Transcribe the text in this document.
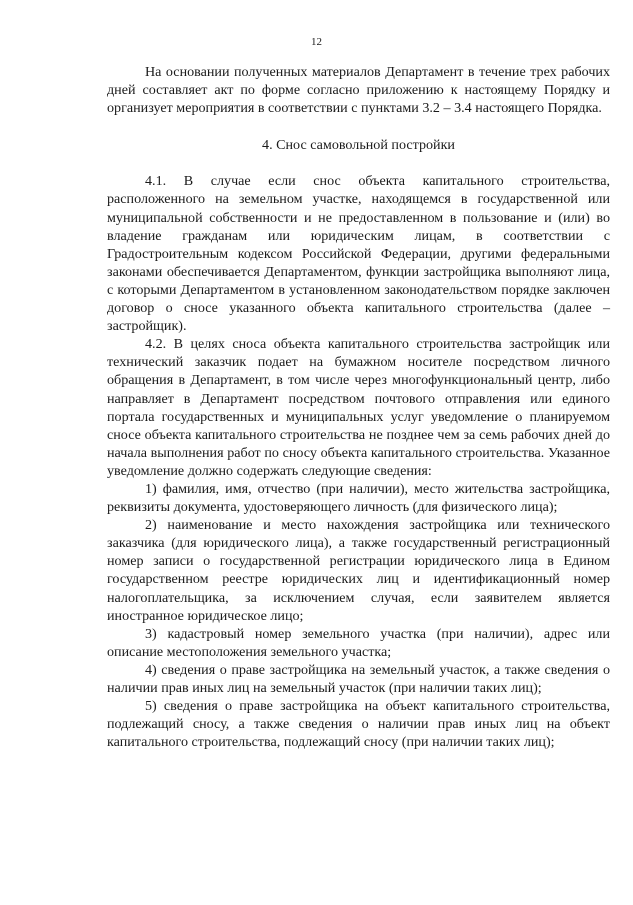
12

На основании полученных материалов Департамент в течение трех рабочих дней составляет акт по форме согласно приложению к настоящему Порядку и организует мероприятия в соответствии с пунктами 3.2 – 3.4 настоящего Порядка.

4. Снос самовольной постройки

4.1. В случае если снос объекта капитального строительства, расположенного на земельном участке, находящемся в государственной или муниципальной собственности и не предоставленном в пользование и (или) во владение гражданам или юридическим лицам, в соответствии с Градостроительным кодексом Российской Федерации, другими федеральными законами обеспечивается Департаментом, функции застройщика выполняют лица, с которыми Департаментом в установленном законодательством порядке заключен договор о сносе указанного объекта капитального строительства (далее – застройщик).

4.2. В целях сноса объекта капитального строительства застройщик или технический заказчик подает на бумажном носителе посредством личного обращения в Департамент, в том числе через многофункциональный центр, либо направляет в Департамент посредством почтового отправления или единого портала государственных и муниципальных услуг уведомление о планируемом сносе объекта капитального строительства не позднее чем за семь рабочих дней до начала выполнения работ по сносу объекта капитального строительства. Указанное уведомление должно содержать следующие сведения:

1) фамилия, имя, отчество (при наличии), место жительства застройщика, реквизиты документа, удостоверяющего личность (для физического лица);

2) наименование и место нахождения застройщика или технического заказчика (для юридического лица), а также государственный регистрационный номер записи о государственной регистрации юридического лица в Едином государственном реестре юридических лиц и идентификационный номер налогоплательщика, за исключением случая, если заявителем является иностранное юридическое лицо;

3) кадастровый номер земельного участка (при наличии), адрес или описание местоположения земельного участка;

4) сведения о праве застройщика на земельный участок, а также сведения о наличии прав иных лиц на земельный участок (при наличии таких лиц);

5) сведения о праве застройщика на объект капитального строительства, подлежащий сносу, а также сведения о наличии прав иных лиц на объект капитального строительства, подлежащий сносу (при наличии таких лиц);
